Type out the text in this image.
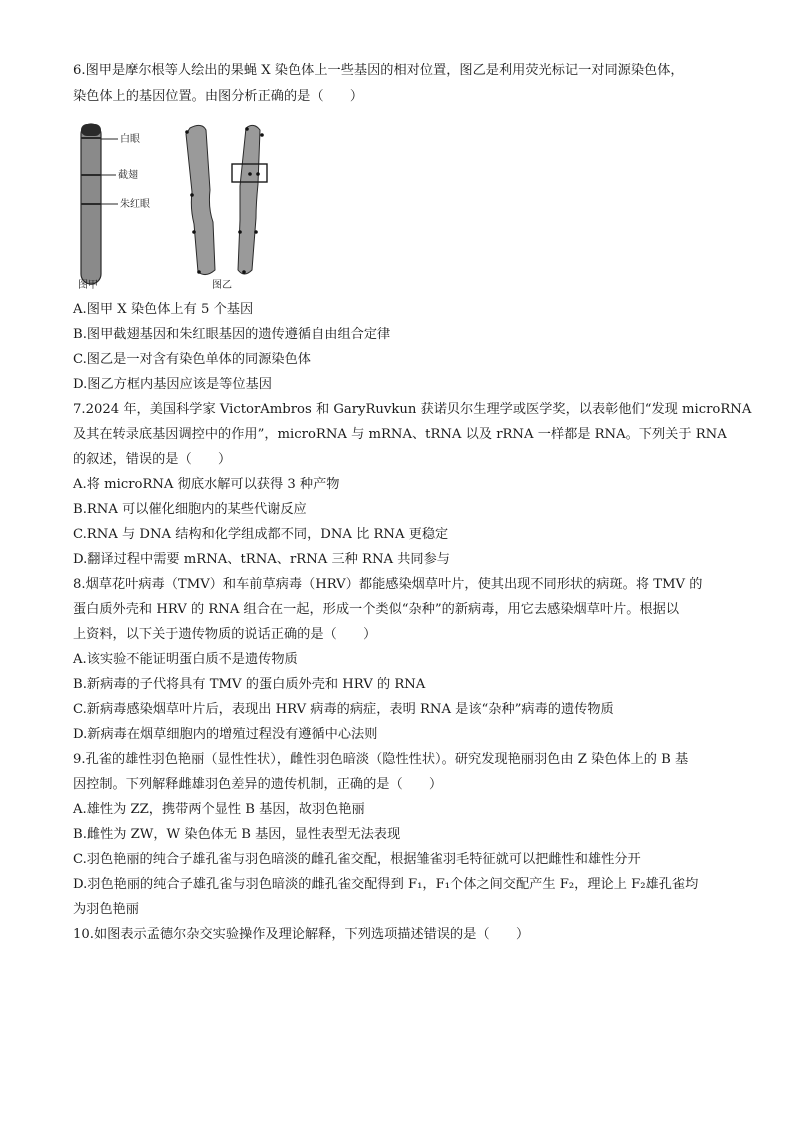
6.图甲是摩尔根等人绘出的果蝇 X 染色体上一些基因的相对位置，图乙是利用荧光标记一对同源染色体，
染色体上的基因位置。由图分析正确的是（　　）
白眼
截翅
朱红眼
图甲	图乙
A.图甲 X 染色体上有 5 个基因
B.图甲截翅基因和朱红眼基因的遗传遵循自由组合定律
C.图乙是一对含有染色单体的同源染色体
D.图乙方框内基因应该是等位基因
7.2024 年，美国科学家 VictorAmbros 和 GaryRuvkun 获诺贝尔生理学或医学奖，以表彰他们“发现 microRNA
及其在转录底基因调控中的作用”，microRNA 与 mRNA、tRNA 以及 rRNA 一样都是 RNA。下列关于 RNA
的叙述，错误的是（　　）
A.将 microRNA 彻底水解可以获得 3 种产物
B.RNA 可以催化细胞内的某些代谢反应
C.RNA 与 DNA 结构和化学组成都不同，DNA 比 RNA 更稳定
D.翻译过程中需要 mRNA、tRNA、rRNA 三种 RNA 共同参与
8.烟草花叶病毒（TMV）和车前草病毒（HRV）都能感染烟草叶片，使其出现不同形状的病斑。将 TMV 的
蛋白质外壳和 HRV 的 RNA 组合在一起，形成一个类似“杂种”的新病毒，用它去感染烟草叶片。根据以
上资料，以下关于遗传物质的说话正确的是（　　）
A.该实验不能证明蛋白质不是遗传物质
B.新病毒的子代将具有 TMV 的蛋白质外壳和 HRV 的 RNA
C.新病毒感染烟草叶片后，表现出 HRV 病毒的病症，表明 RNA 是该“杂种”病毒的遗传物质
D.新病毒在烟草细胞内的增殖过程没有遵循中心法则
9.孔雀的雄性羽色艳丽（显性性状），雌性羽色暗淡（隐性性状）。研究发现艳丽羽色由 Z 染色体上的 B 基
因控制。下列解释雌雄羽色差异的遗传机制，正确的是（　　）
A.雄性为 ZZ，携带两个显性 B 基因，故羽色艳丽
B.雌性为 ZW，W 染色体无 B 基因，显性表型无法表现
C.羽色艳丽的纯合子雄孔雀与羽色暗淡的雌孔雀交配，根据雏雀羽毛特征就可以把雌性和雄性分开
D.羽色艳丽的纯合子雄孔雀与羽色暗淡的雌孔雀交配得到 F₁，F₁个体之间交配产生 F₂，理论上 F₂雄孔雀均
为羽色艳丽
10.如图表示孟德尔杂交实验操作及理论解释，下列选项描述错误的是（　　）
